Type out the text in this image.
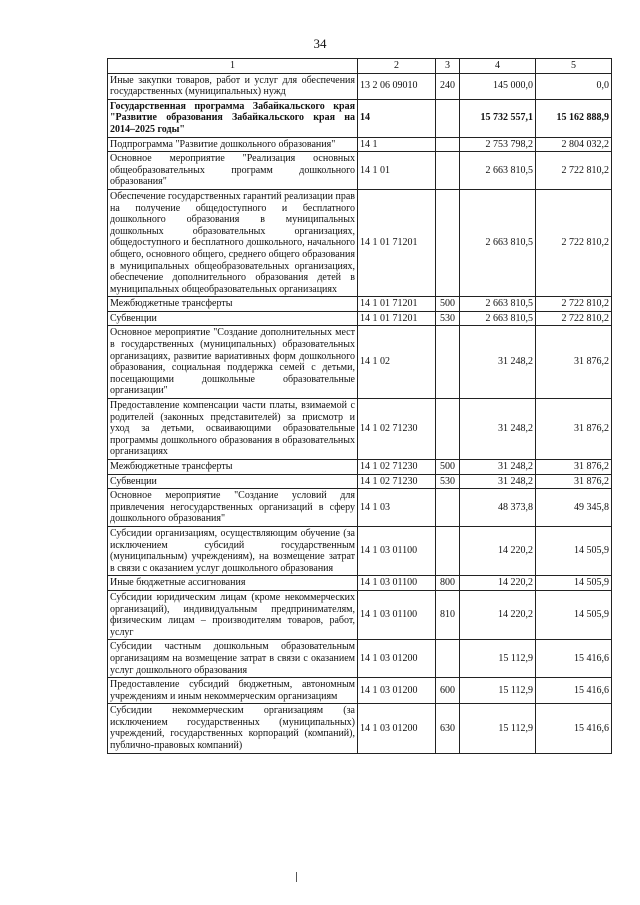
34
1	2	3	4	5
Иные закупки товаров, работ и услуг для обеспечения государственных (муниципальных) нужд	13 2 06 09010	240	145 000,0	0,0
Государственная программа Забайкальского края "Развитие образования Забайкальского края на 2014–2025 годы"	14		15 732 557,1	15 162 888,9
Подпрограмма "Развитие дошкольного образования"	14 1		2 753 798,2	2 804 032,2
Основное мероприятие "Реализация основных общеобразовательных программ дошкольного образования"	14 1 01		2 663 810,5	2 722 810,2
Обеспечение государственных гарантий реализации прав на получение общедоступного и бесплатного дошкольного образования в муниципальных дошкольных образовательных организациях, общедоступного и бесплатного дошкольного, начального общего, основного общего, среднего общего образования в муниципальных общеобразовательных организациях, обеспечение дополнительного образования детей в муниципальных общеобразовательных организациях	14 1 01 71201		2 663 810,5	2 722 810,2
Межбюджетные трансферты	14 1 01 71201	500	2 663 810,5	2 722 810,2
Субвенции	14 1 01 71201	530	2 663 810,5	2 722 810,2
Основное мероприятие "Создание дополнительных мест в государственных (муниципальных) образовательных организациях, развитие вариативных форм дошкольного образования, социальная поддержка семей с детьми, посещающими дошкольные образовательные организации"	14 1 02		31 248,2	31 876,2
Предоставление компенсации части платы, взимаемой с родителей (законных представителей) за присмотр и уход за детьми, осваивающими образовательные программы дошкольного образования в образовательных организациях	14 1 02 71230		31 248,2	31 876,2
Межбюджетные трансферты	14 1 02 71230	500	31 248,2	31 876,2
Субвенции	14 1 02 71230	530	31 248,2	31 876,2
Основное мероприятие "Создание условий для привлечения негосударственных организаций в сферу дошкольного образования"	14 1 03		48 373,8	49 345,8
Субсидии организациям, осуществляющим обучение (за исключением субсидий государственным (муниципальным) учреждениям), на возмещение затрат в связи с оказанием услуг дошкольного образования	14 1 03 01100		14 220,2	14 505,9
Иные бюджетные ассигнования	14 1 03 01100	800	14 220,2	14 505,9
Субсидии юридическим лицам (кроме некоммерческих организаций), индивидуальным предпринимателям, физическим лицам – производителям товаров, работ, услуг	14 1 03 01100	810	14 220,2	14 505,9
Субсидии частным дошкольным образовательным организациям на возмещение затрат в связи с оказанием услуг дошкольного образования	14 1 03 01200		15 112,9	15 416,6
Предоставление субсидий бюджетным, автономным учреждениям и иным некоммерческим организациям	14 1 03 01200	600	15 112,9	15 416,6
Субсидии некоммерческим организациям (за исключением государственных (муниципальных) учреждений, государственных корпораций (компаний), публично-правовых компаний)	14 1 03 01200	630	15 112,9	15 416,6
